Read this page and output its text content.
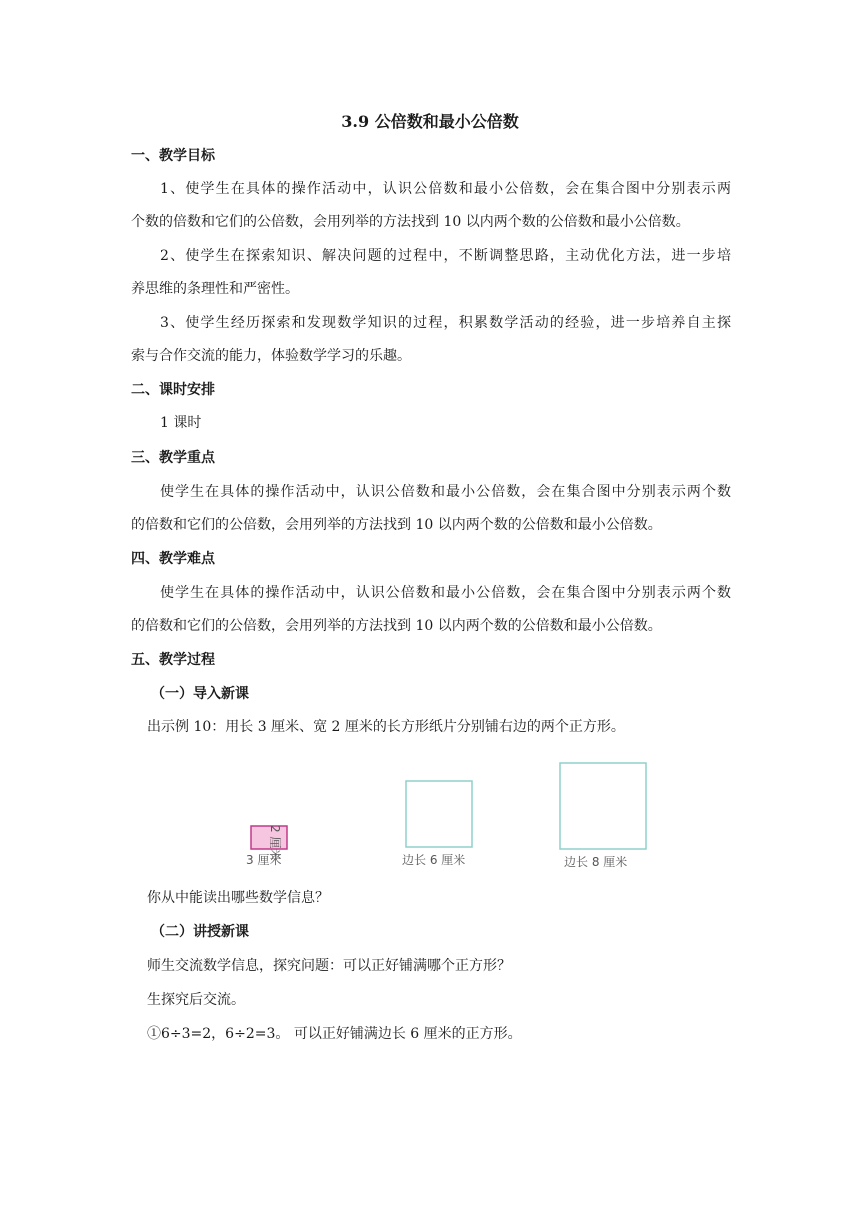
3.9 公倍数和最小公倍数
一、教学目标
1、使学生在具体的操作活动中，认识公倍数和最小公倍数，会在集合图中分别表示两
个数的倍数和它们的公倍数，会用列举的方法找到 10 以内两个数的公倍数和最小公倍数。
2、使学生在探索知识、解决问题的过程中，不断调整思路，主动优化方法，进一步培
养思维的条理性和严密性。
3、使学生经历探索和发现数学知识的过程，积累数学活动的经验，进一步培养自主探
索与合作交流的能力，体验数学学习的乐趣。
二、课时安排
1 课时
三、教学重点
使学生在具体的操作活动中，认识公倍数和最小公倍数，会在集合图中分别表示两个数
的倍数和它们的公倍数，会用列举的方法找到 10 以内两个数的公倍数和最小公倍数。
四、教学难点
使学生在具体的操作活动中，认识公倍数和最小公倍数，会在集合图中分别表示两个数
的倍数和它们的公倍数，会用列举的方法找到 10 以内两个数的公倍数和最小公倍数。
五、教学过程
（一）导入新课
出示例 10：用长 3 厘米、宽 2 厘米的长方形纸片分别铺右边的两个正方形。
3 厘米
2 厘米	边长 6 厘米	边长 8 厘米
你从中能读出哪些数学信息？
（二）讲授新课
师生交流数学信息，探究问题：可以正好铺满哪个正方形？
生探究后交流。
①6÷3=2，6÷2=3。 可以正好铺满边长 6 厘米的正方形。
